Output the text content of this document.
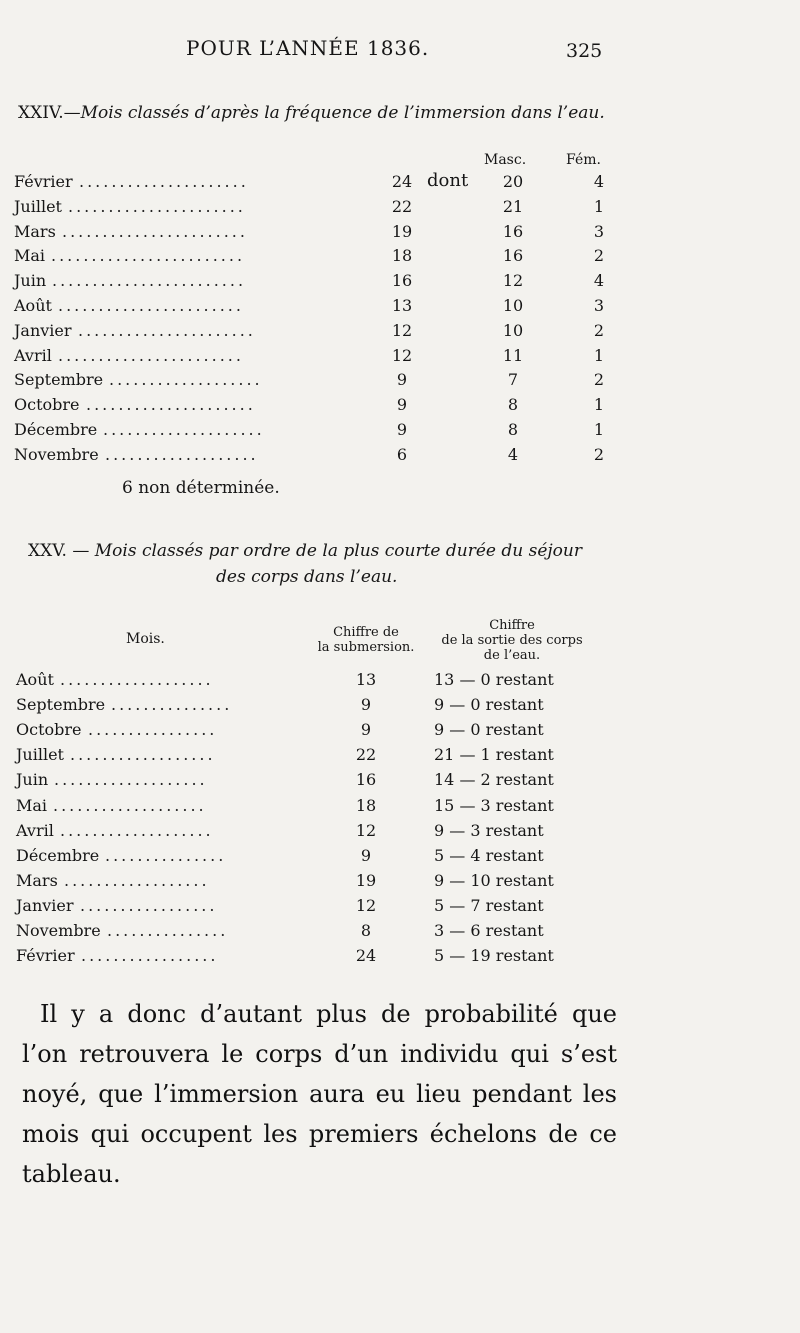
POUR L’ANNÉE 1836.	325
XXIV.—Mois classés d’après la fréquence de l’immersion dans l’eau.
Masc.	Fém.
Février .....................	24 dont	20	4
Juillet ......................	22	21	1
Mars .......................	19	16	3
Mai ........................	18	16	2
Juin ........................	16	12	4
Août .......................	13	10	3
Janvier ......................	12	10	2
Avril .......................	12	11	1
Septembre ...................	9	7	2
Octobre .....................	9	8	1
Décembre ....................	9	8	1
Novembre ...................	6	4	2
6 non déterminée.
XXV. — Mois classés par ordre de la plus courte durée du séjour
des corps dans l’eau.
Mois.	Chiffre de
la submersion.
Chiffre
de la sortie des corps
de l’eau.
Août ...................	13	13 — 0 restant
Septembre ...............	9	9 — 0 restant
Octobre ................	9	9 — 0 restant
Juillet ..................	22	21 — 1 restant
Juin ...................	16	14 — 2 restant
Mai ...................	18	15 — 3 restant
Avril ...................	12	9 — 3 restant
Décembre ...............	9	5 — 4 restant
Mars ..................	19	9 — 10 restant
Janvier .................	12	5 — 7 restant
Novembre ...............	8	3 — 6 restant
Février .................	24	5 — 19 restant
Il y a donc d’autant plus de probabilité que l’on retrouvera le corps d’un individu qui s’est noyé, que l’immersion aura eu lieu pendant les mois qui occupent les premiers échelons de ce tableau.
